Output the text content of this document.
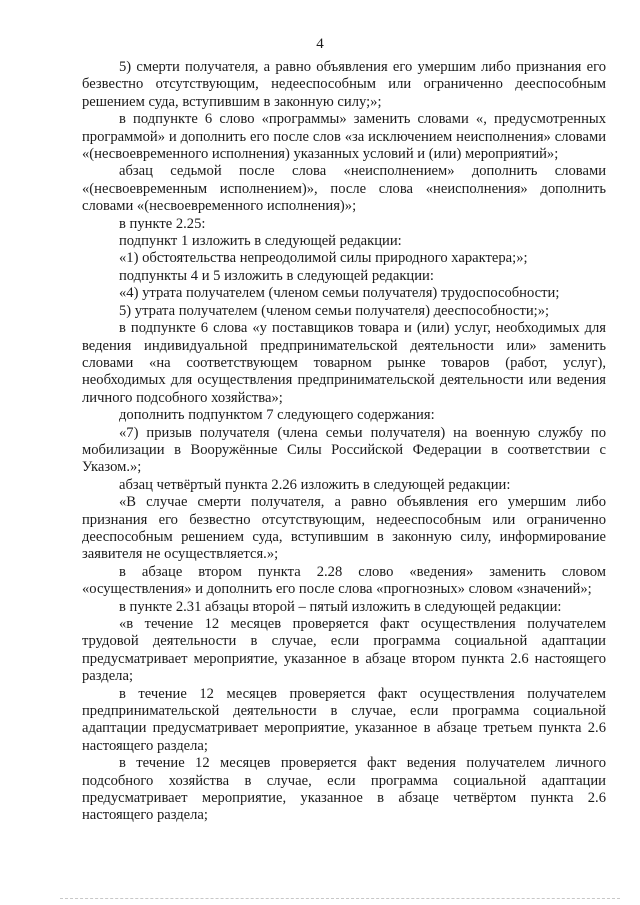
4

5) смерти получателя, а равно объявления его умершим либо признания его безвестно отсутствующим, недееспособным или ограниченно дееспособным решением суда, вступившим в законную силу;»;

в подпункте 6 слово «программы» заменить словами «, предусмотренных программой» и дополнить его после слов «за исключением неисполнения» словами «(несвоевременного исполнения) указанных условий и (или) мероприятий»;

абзац седьмой после слова «неисполнением» дополнить словами «(несвоевременным исполнением)», после слова «неисполнения» дополнить словами «(несвоевременного исполнения)»;

в пункте 2.25:

подпункт 1 изложить в следующей редакции:

«1) обстоятельства непреодолимой силы природного характера;»;

подпункты 4 и 5 изложить в следующей редакции:

«4) утрата получателем (членом семьи получателя) трудоспособности;

5) утрата получателем (членом семьи получателя) дееспособности;»;

в подпункте 6 слова «у поставщиков товара и (или) услуг, необходимых для ведения индивидуальной предпринимательской деятельности или» заменить словами «на соответствующем товарном рынке товаров (работ, услуг), необходимых для осуществления предпринимательской деятельности или ведения личного подсобного хозяйства»;

дополнить подпунктом 7 следующего содержания:

«7) призыв получателя (члена семьи получателя) на военную службу по мобилизации в Вооружённые Силы Российской Федерации в соответствии с Указом.»;

абзац четвёртый пункта 2.26 изложить в следующей редакции:

«В случае смерти получателя, а равно объявления его умершим либо признания его безвестно отсутствующим, недееспособным или ограниченно дееспособным решением суда, вступившим в законную силу, информирование заявителя не осуществляется.»;

в абзаце втором пункта 2.28 слово «ведения» заменить словом «осуществления» и дополнить его после слова «прогнозных» словом «значений»;

в пункте 2.31 абзацы второй – пятый изложить в следующей редакции:

«в течение 12 месяцев проверяется факт осуществления получателем трудовой деятельности в случае, если программа социальной адаптации предусматривает мероприятие, указанное в абзаце втором пункта 2.6 настоящего раздела;

в течение 12 месяцев проверяется факт осуществления получателем предпринимательской деятельности в случае, если программа социальной адаптации предусматривает мероприятие, указанное в абзаце третьем пункта 2.6 настоящего раздела;

в течение 12 месяцев проверяется факт ведения получателем личного подсобного хозяйства в случае, если программа социальной адаптации предусматривает мероприятие, указанное в абзаце четвёртом пункта 2.6 настоящего раздела;
